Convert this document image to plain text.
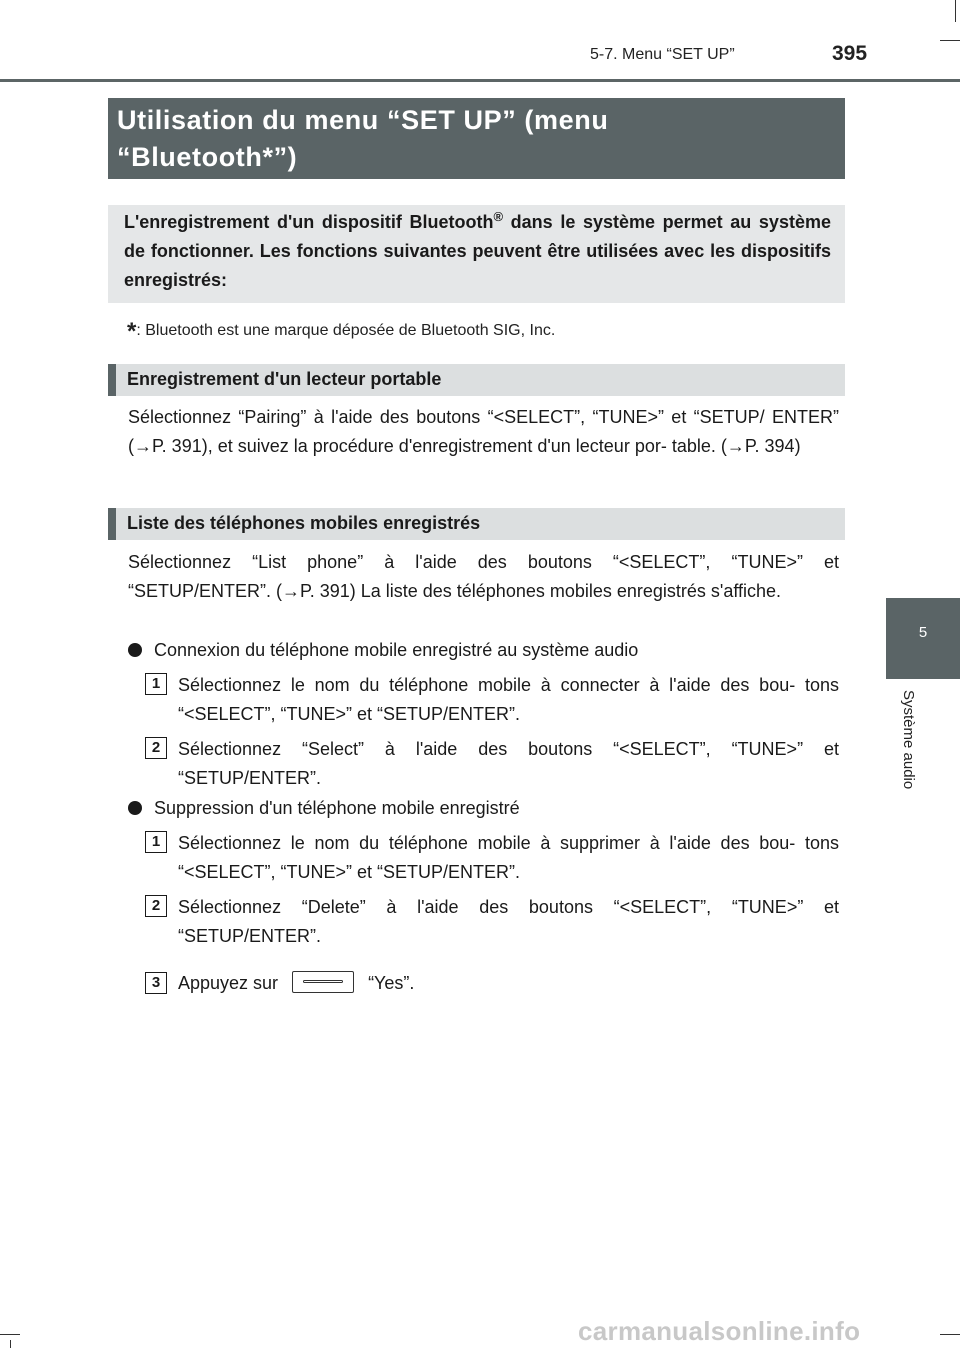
5-7. Menu “SET UP”	395
Utilisation du menu “SET UP” (menu
“Bluetooth*”)
L'enregistrement d'un dispositif Bluetooth® dans le système permet au système de fonctionner. Les fonctions suivantes peuvent être utilisées avec les dispositifs enregistrés:
*: Bluetooth est une marque déposée de Bluetooth SIG, Inc.
Enregistrement d'un lecteur portable
Sélectionnez “Pairing” à l'aide des boutons “<SELECT”, “TUNE>” et “SETUP/ ENTER” (→P. 391), et suivez la procédure d'enregistrement d'un lecteur por- table. (→P. 394)
Liste des téléphones mobiles enregistrés
Sélectionnez “List phone” à l'aide des boutons “<SELECT”, “TUNE>” et “SETUP/ENTER”. (→P. 391) La liste des téléphones mobiles enregistrés s'affiche.
Connexion du téléphone mobile enregistré au système audio
1 Sélectionnez le nom du téléphone mobile à connecter à l'aide des bou- tons “<SELECT”, “TUNE>” et “SETUP/ENTER”.
2 Sélectionnez “Select” à l'aide des boutons “<SELECT”, “TUNE>” et “SETUP/ENTER”.
Suppression d'un téléphone mobile enregistré
1 Sélectionnez le nom du téléphone mobile à supprimer à l'aide des bou- tons “<SELECT”, “TUNE>” et “SETUP/ENTER”.
2 Sélectionnez “Delete” à l'aide des boutons “<SELECT”, “TUNE>” et “SETUP/ENTER”.
3 Appuyez sur	“Yes”.
5
Système audio
carmanualsonline.info
